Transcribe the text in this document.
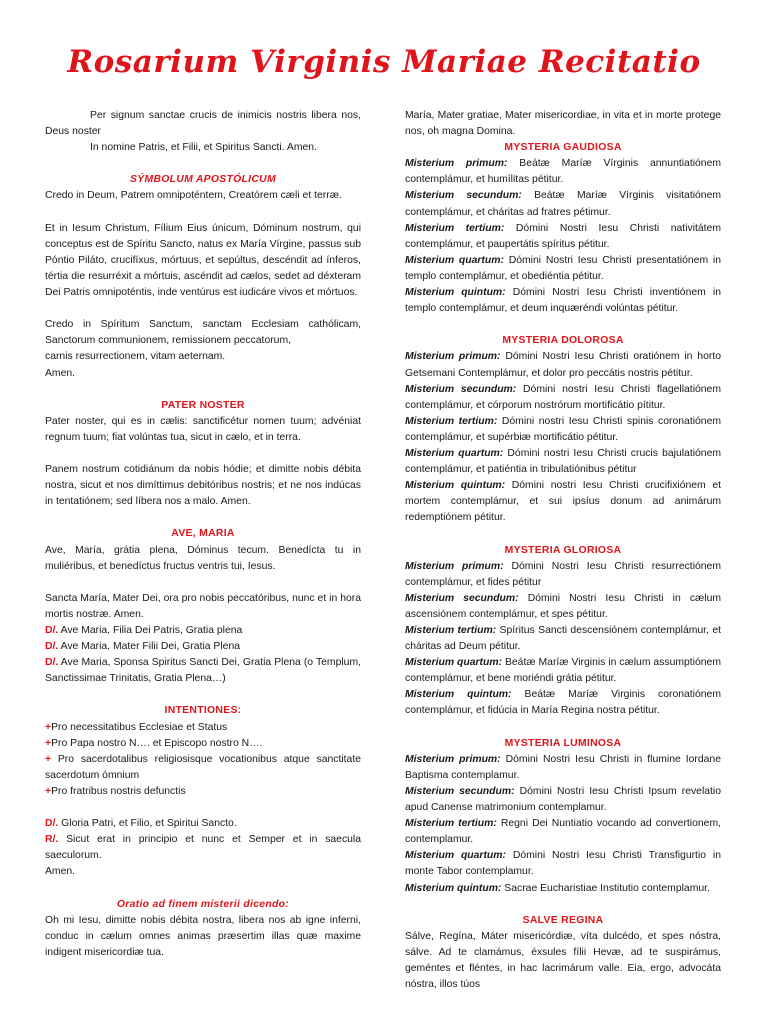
Rosarium Virginis Mariae Recitatio

Per signum sanctae crucis de inimicis nostris libera nos, Deus noster

In nomine Patris, et Filii, et Spiritus Sancti. Amen.

SÝMBOLUM APOSTÓLICUM

Credo in Deum, Patrem omnipoténtem, Creatórem cæli et terræ.

Et in Iesum Christum, Fílium Eius únicum, Dóminum nostrum, qui conceptus est de Spíritu Sancto, natus ex María Vírgine, passus sub Póntio Piláto, crucifíxus, mórtuus, et sepúltus, descéndit ad ínferos, tértia die resurréxit a mórtuis, ascéndit ad cælos, sedet ad déxteram Dei Patris omnipoténtis, inde ventúrus est iudicáre vivos et mórtuos.

Credo in Spíritum Sanctum, sanctam Ecclesiam cathólicam, Sanctorum communionem, remissionem peccatorum,

carnis resurrectionem, vitam aeternam.

Amen.

PATER NOSTER

Pater noster, qui es in cælis: sanctificétur nomen tuum; advéniat regnum tuum; fiat volúntas tua, sicut in cælo, et in terra.

Panem nostrum cotidiánum da nobis hódie; et dimitte nobis débita nostra, sicut et nos dimíttimus debitóribus nostris; et ne nos indúcas in tentatiónem; sed líbera nos a malo. Amen.

AVE, MARIA

Ave, María, grátia plena, Dóminus tecum. Benedícta tu in muliéribus, et benedíctus fructus ventris tui, Iesus.

Sancta María, Mater Dei, ora pro nobis peccatóribus, nunc et in hora mortis nostræ. Amen.

D/. Ave Maria, Filia Dei Patris, Gratia plena

D/. Ave Maria, Mater Filii Dei, Gratia Plena

D/. Ave Maria, Sponsa Spiritus Sancti Dei, Gratia Plena (o Templum, Sanctissimae Trinitatis, Gratia Plena…)

INTENTIONES:

+Pro necessitatibus Ecclesiae et Status

+Pro Papa nostro N…. et Episcopo nostro N….

+ Pro sacerdotalibus religiosisque vocationibus atque sanctitate sacerdotum ómnium

+Pro fratribus nostris defunctis

D/. Gloria Patri, et Filio, et Spiritui Sancto.

R/. Sicut erat in principio et nunc et Semper et in saecula saeculorum.

Amen.

Oratio ad finem misterii dicendo:

Oh mi Iesu, dimitte nobis débita nostra, libera nos ab igne inferni, conduc in cælum omnes animas præsertim illas quæ maxime indigent misericordiæ tua.

María, Mater gratiae, Mater misericordiae, in vita et in morte protege nos, oh magna Domina.

MYSTERIA GAUDIOSA

Misterium primum: Beátæ Maríæ Vírginis annuntiatiónem contemplámur, et humílitas pétitur.

Misterium secundum: Beátæ Maríæ Vírginis visitatiónem contemplámur, et cháritas ad fratres pétimur.

Misterium tertium: Dómini Nostri Iesu Christi nativitátem contemplámur, et paupertátis spíritus pétitur.

Misterium quartum: Dómini Nostri Iesu Christi presentatiónem in templo contemplámur, et obediéntia pétitur.

Misterium quintum: Dómini Nostri Iesu Christi inventiónem in templo contemplámur, et deum inquæréndi volúntas pétitur.

MYSTERIA DOLOROSA

Misterium primum: Dómini Nostri Iesu Christi oratiónem in horto Getsemani Contemplámur, et dolor pro peccátis nostris pétitur.

Misterium secundum: Dómini nostri Iesu Christi flagellatiónem contemplámur, et córporum nostrórum mortificátio pítitur.

Misterium tertium: Dómini nostri Iesu Christi spinis coronatiónem contemplámur, et supérbiæ mortificátio pétitur.

Misterium quartum: Dómini nostri Iesu Christi crucis bajulatiónem contemplámur, et patiéntia in tribulatiónibus pétitur

Misterium quintum: Dómini nostri Iesu Christi crucifixiónem et mortem contemplámur, et sui ipsíus donum ad animárum redemptiónem pétitur.

MYSTERIA GLORIOSA

Misterium primum: Dómini Nostri Iesu Christi resurrectiónem contemplámur, et fides pétitur

Misterium secundum: Dómini Nostri Iesu Christi in cælum ascensiónem contemplámur, et spes pétitur.

Misterium tertium: Spíritus Sancti descensiónem contemplámur, et cháritas ad Deum pétitur.

Misterium quartum: Beátæ Maríæ Virginis in cælum assumptiónem contemplámur, et bene moriéndi grátia pétitur.

Misterium quintum: Beátæ Maríæ Virginis coronatiónem contemplámur, et fidúcia in María Regina nostra pétitur.

MYSTERIA LUMINOSA

Misterium primum: Dómini Nostri Iesu Christi in flumine Iordane Baptisma contemplamur.

Misterium secundum: Dómini Nostri Iesu Christi Ipsum revelatio apud Canense matrimonium contemplamur.

Misterium tertium: Regni Dei Nuntiatio vocando ad convertionem, contemplamur.

Misterium quartum: Dómini Nostri Iesu Christi Transfigurtio in monte Tabor contemplamur.

Misterium quintum: Sacrae Eucharistiae Institutio contemplamur.

SALVE REGINA

Sálve, Regína, Máter misericórdiæ, víta dulcédo, et spes nóstra, sálve. Ad te clamámus, éxsules fílii Hevæ, ad te suspirámus, geméntes et fléntes, in hac lacrimárum valle. Eia, ergo, advocáta nóstra, illos túos
